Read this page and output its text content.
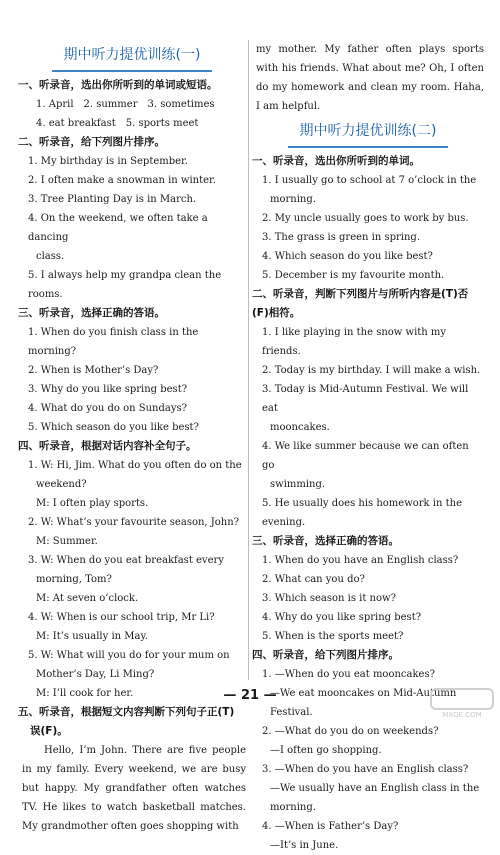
期中听力提优训练(一)
一、听录音，选出你所听到的单词或短语。
1. April　2. summer　3. sometimes
4. eat breakfast　5. sports meet
二、听录音，给下列图片排序。
1. My birthday is in September.
2. I often make a snowman in winter.
3. Tree Planting Day is in March.
4. On the weekend, we often take a dancing
class.
5. I always help my grandpa clean the rooms.
三、听录音，选择正确的答语。
1. When do you finish class in the morning?
2. When is Mother’s Day?
3. Why do you like spring best?
4. What do you do on Sundays?
5. Which season do you like best?
四、听录音，根据对话内容补全句子。
1. W: Hi, Jim. What do you often do on the
weekend?
M: I often play sports.
2. W: What’s your favourite season, John?
M: Summer.
3. W: When do you eat breakfast every
morning, Tom?
M: At seven o’clock.
4. W: When is our school trip, Mr Li?
M: It’s usually in May.
5. W: What will you do for your mum on
Mother’s Day, Li Ming?
M: I’ll cook for her.
五、听录音，根据短文内容判断下列句子正(T)
误(F)。
Hello, I’m John. There are five people in my family. Every weekend, we are busy but happy. My grandfather often watches TV. He likes to watch basketball matches. My grandmother often goes shopping with
my mother. My father often plays sports with his friends. What about me? Oh, I often do my homework and clean my room. Haha, I am helpful.
期中听力提优训练(二)
一、听录音，选出你所听到的单词。
1. I usually go to school at 7 o’clock in the
morning.
2. My uncle usually goes to work by bus.
3. The grass is green in spring.
4. Which season do you like best?
5. December is my favourite month.
二、听录音，判断下列图片与所听内容是(T)否
(F)相符。
1. I like playing in the snow with my friends.
2. Today is my birthday. I will make a wish.
3. Today is Mid-Autumn Festival. We will eat
mooncakes.
4. We like summer because we can often go
swimming.
5. He usually does his homework in the evening.
三、听录音，选择正确的答语。
1. When do you have an English class?
2. What can you do?
3. Which season is it now?
4. Why do you like spring best?
5. When is the sports meet?
四、听录音，给下列图片排序。
1. —When do you eat mooncakes?
—We eat mooncakes on Mid-Autumn
Festival.
2. —What do you do on weekends?
—I often go shopping.
3. —When do you have an English class?
—We usually have an English class in the
morning.
4. —When is Father’s Day?
—It’s in June.
— 21 —
MXQE.COM
